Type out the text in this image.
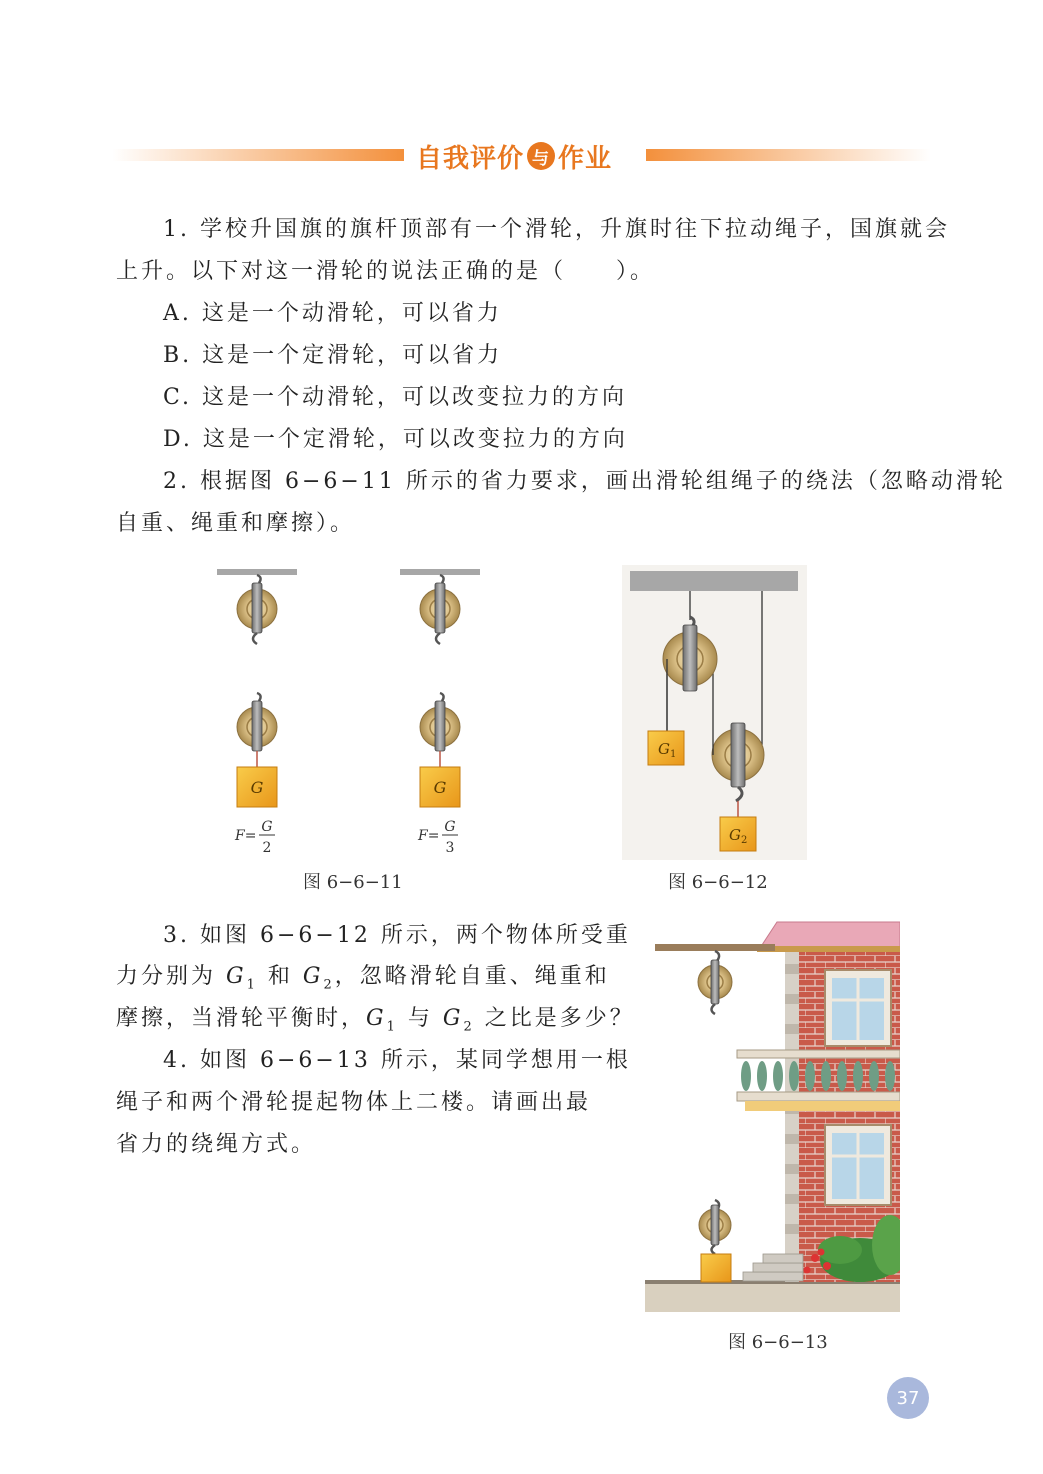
自我评价 与 作业
1. 学校升国旗的旗杆顶部有一个滑轮，升旗时往下拉动绳子，国旗就会
上升。以下对这一滑轮的说法正确的是（　　）。
A. 这是一个动滑轮，可以省力
B. 这是一个定滑轮，可以省力
C. 这是一个动滑轮，可以改变拉力的方向
D. 这是一个定滑轮，可以改变拉力的方向
2. 根据图 6−6−11 所示的省力要求，画出滑轮组绳子的绕法（忽略动滑轮
自重、绳重和摩擦）。
G
F=
G
2
G
F=
G
3
图 6−6−11
$G_1$
$G_2$
图 6−6−12
3. 如图 6−6−12 所示，两个物体所受重
力分别为 $G_1$ 和 $G_2$，忽略滑轮自重、绳重和
摩擦，当滑轮平衡时，$G_1$ 与 $G_2$ 之比是多少？
4. 如图 6−6−13 所示，某同学想用一根
绳子和两个滑轮提起物体上二楼。请画出最
省力的绕绳方式。
图 6−6−13
37
